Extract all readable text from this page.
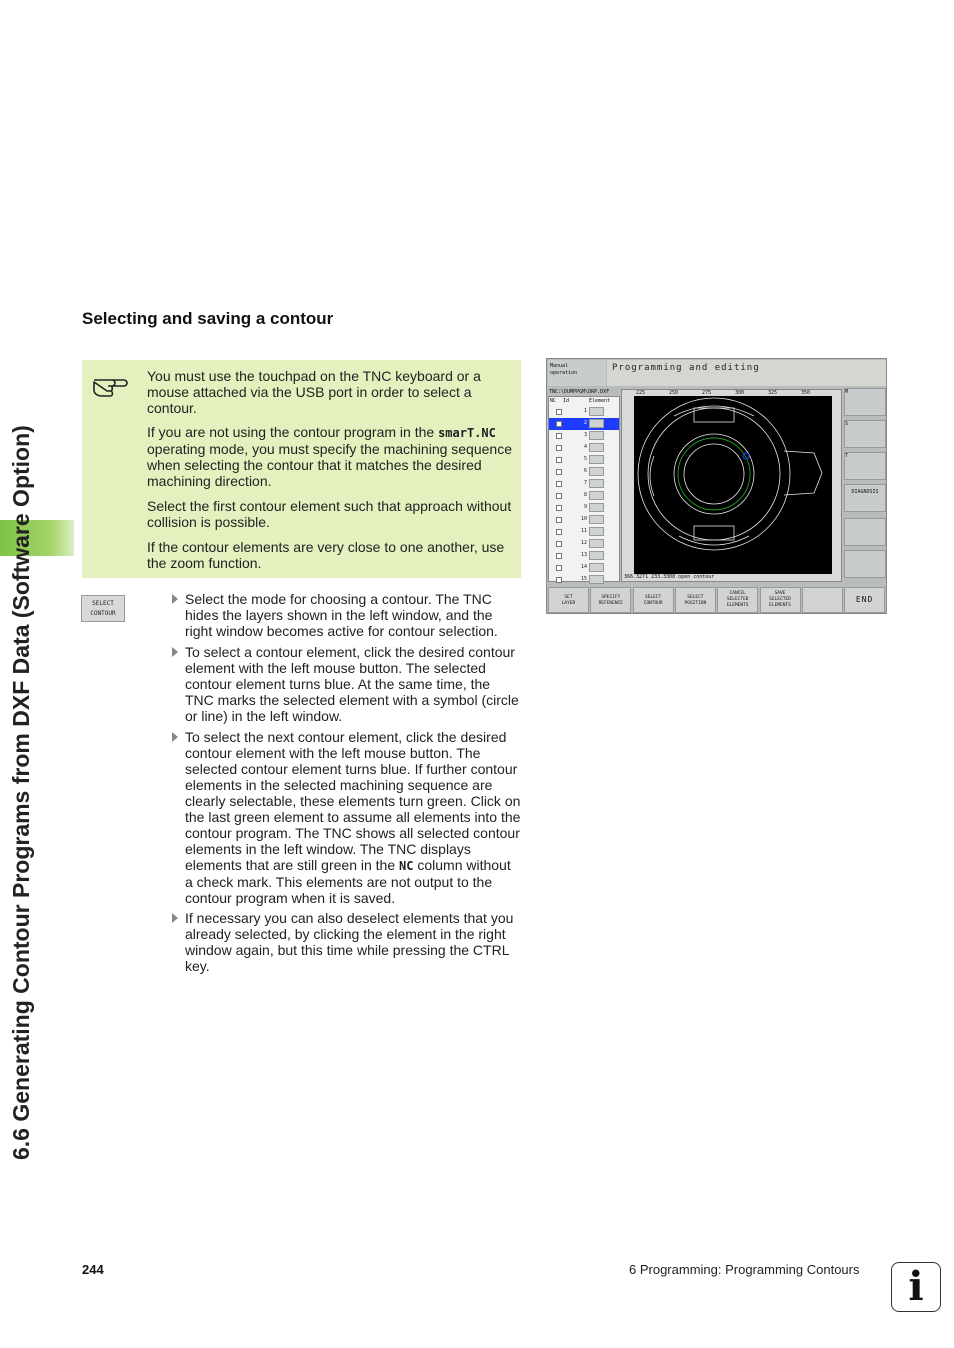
6.6 Generating Contour Programs from DXF Data (Software Option)
Selecting and saving a contour

You must use the touchpad on the TNC keyboard or a mouse attached via the USB port in order to select a contour.

If you are not using the contour program in the smarT.NC operating mode, you must specify the machining sequence when selecting the contour that it matches the desired machining direction.

Select the first contour element such that approach without collision is possible.

If the contour elements are very close to one another, use the zoom function.

SELECT
CONTOUR
Select the mode for choosing a contour. The TNC hides the layers shown in the left window, and the right window becomes active for contour selection.
To select a contour element, click the desired contour element with the left mouse button. The selected contour element turns blue. At the same time, the TNC marks the selected element with a symbol (circle or line) in the left window.
To select the next contour element, click the desired contour element with the left mouse button. The selected contour element turns blue. If further contour elements in the selected machining sequence are clearly selectable, these elements turn green. Click on the last green element to assume all elements into the contour program. The TNC shows all selected contour elements in the left window. The TNC displays elements that are still green in the NC column without a check mark. This elements are not output to the contour program when it is saved.
If necessary you can also deselect elements that you already selected, by clicking the element in the right window again, but this time while pressing the CTRL key.
Manual
operation	Programming and editing
TNC:\DUMPPGM\DRP.DXF
NC Id	Element
1
2
3
4
5
6
7
8
9
10
11
12
13
14
15
225	250	275	300	325	350
366.3271 233.3308 open contour
M
S
T
DIAGNOSIS
SET
LAYER
SPECIFY
REFERENCE
SELECT
CONTOUR
SELECT
POSITION
CANCEL
SELECTED
ELEMENTS
SAVE
SELECTED
ELEMENTS
END
244	6 Programming: Programming Contours	i
